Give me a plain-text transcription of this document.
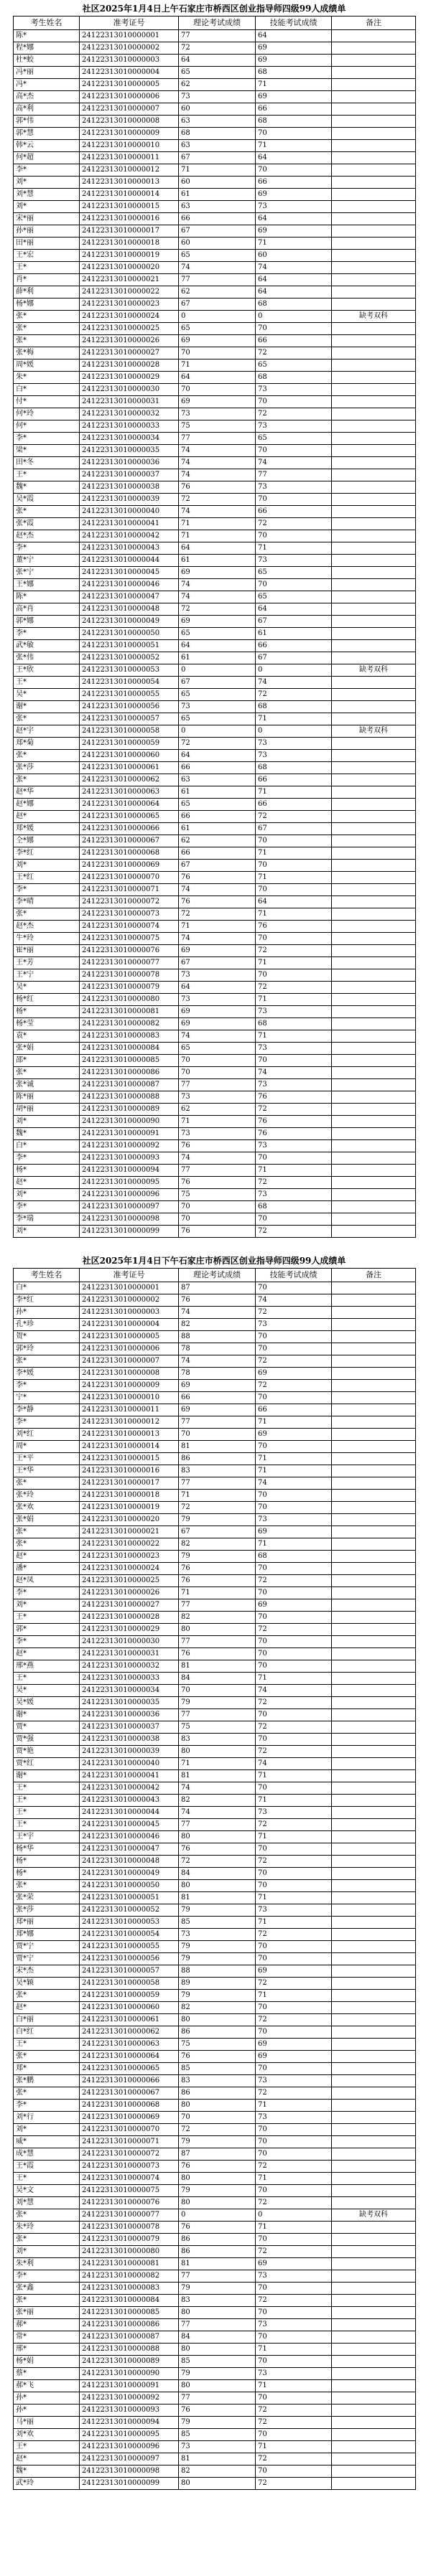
社区2025年1月4日上午石家庄市桥西区创业指导师四级99人成绩单
考生姓名	准考证号	理论考试成绩	技能考试成绩	备注
陈*	24122313010000001	77	64	
程*娜	24122313010000002	72	69	
杜*蛟	24122313010000003	64	69	
冯*丽	24122313010000004	65	68	
冯*	24122313010000005	62	71	
高*杰	24122313010000006	73	69	
高*利	24122313010000007	60	66	
郭*伟	24122313010000008	63	68	
郭*慧	24122313010000009	68	70	
韩*云	24122313010000010	63	71	
何*超	24122313010000011	67	64	
李*	24122313010000012	71	70	
刘*	24122313010000013	60	66	
刘*慧	24122313010000014	61	69	
刘*	24122313010000015	63	73	
宋*丽	24122313010000016	66	64	
孙*丽	24122313010000017	67	69	
田*丽	24122313010000018	60	71	
王*宏	24122313010000019	65	60	
王*	24122313010000020	74	74	
肖*	24122313010000021	77	64	
薛*利	24122313010000022	62	64	
杨*娜	24122313010000023	67	68	
张*	24122313010000024	0	0	缺考双科
张*	24122313010000025	65	70	
张*	24122313010000026	69	66	
张*梅	24122313010000027	70	72	
周*媛	24122313010000028	71	65	
朱*	24122313010000029	64	68	
白*	24122313010000030	70	73	
付*	24122313010000031	69	70	
何*玲	24122313010000032	73	72	
何*	24122313010000033	75	73	
李*	24122313010000034	77	65	
梁*	24122313010000035	74	70	
田*冬	24122313010000036	74	74	
王*	24122313010000037	74	77	
魏*	24122313010000038	76	73	
吴*霞	24122313010000039	72	70	
张*	24122313010000040	74	66	
张*霞	24122313010000041	71	72	
赵*杰	24122313010000042	71	70	
李*	24122313010000043	64	71	
董*宁	24122313010000044	61	73	
张*宁	24122313010000045	69	65	
王*娜	24122313010000046	74	70	
陈*	24122313010000047	74	65	
高*肖	24122313010000048	72	64	
郭*娜	24122313010000049	69	67	
李*	24122313010000050	65	61	
武*敏	24122313010000051	64	66	
张*伟	24122313010000052	61	67	
王*欣	24122313010000053	0	0	缺考双科
王*	24122313010000054	67	74	
吴*	24122313010000055	65	72	
谢*	24122313010000056	73	68	
张*	24122313010000057	65	71	
赵*宇	24122313010000058	0	0	缺考双科
郑*菊	24122313010000059	72	73	
张*	24122313010000060	64	73	
张*莎	24122313010000061	66	68	
张*	24122313010000062	63	66	
赵*华	24122313010000063	61	71	
赵*娜	24122313010000064	65	66	
赵*	24122313010000065	66	72	
郑*媛	24122313010000066	61	67	
仝*娜	24122313010000067	62	70	
李*红	24122313010000068	66	71	
刘*	24122313010000069	67	70	
王*红	24122313010000070	76	71	
李*	24122313010000071	74	70	
李*晴	24122313010000072	76	64	
张*	24122313010000073	72	71	
赵*杰	24122313010000074	71	76	
牛*玲	24122313010000075	74	70	
崔*丽	24122313010000076	69	72	
王*芳	24122313010000077	67	71	
王*宁	24122313010000078	73	70	
吴*	24122313010000079	64	72	
杨*红	24122313010000080	73	71	
杨*	24122313010000081	69	73	
杨*莹	24122313010000082	69	68	
袁*	24122313010000083	74	71	
张*娟	24122313010000084	65	73	
邵*	24122313010000085	70	70	
张*	24122313010000086	70	74	
张*诚	24122313010000087	77	73	
陈*丽	24122313010000088	73	76	
胡*丽	24122313010000089	62	72	
刘*	24122313010000090	71	76	
魏*	24122313010000091	73	76	
白*	24122313010000092	76	73	
李*	24122313010000093	74	70	
杨*	24122313010000094	77	71	
赵*	24122313010000095	76	72	
刘*	24122313010000096	75	73	
李*	24122313010000097	70	68	
李*瑞	24122313010000098	70	70	
刘*	24122313010000099	76	72	
社区2025年1月4日下午石家庄市桥西区创业指导师四级99人成绩单
考生姓名	准考证号	理论考试成绩	技能考试成绩	备注
白*	24122313010000001	87	70	
李*红	24122313010000002	76	74	
孙*	24122313010000003	74	72	
孔*珍	24122313010000004	82	73	
贺*	24122313010000005	88	70	
郭*玲	24122313010000006	78	70	
张*	24122313010000007	74	72	
李*媛	24122313010000008	78	69	
李*	24122313010000009	69	72	
宁*	24122313010000010	66	70	
李*静	24122313010000011	69	66	
李*	24122313010000012	77	71	
刘*红	24122313010000013	70	69	
周*	24122313010000014	81	70	
王*平	24122313010000015	86	71	
王*华	24122313010000016	83	71	
张*	24122313010000017	77	74	
张*玲	24122313010000018	71	70	
张*欢	24122313010000019	72	70	
张*娟	24122313010000020	79	73	
张*	24122313010000021	67	69	
张*	24122313010000022	82	71	
赵*	24122313010000023	79	68	
潘*	24122313010000024	76	70	
赵*凤	24122313010000025	76	72	
李*	24122313010000026	71	70	
刘*	24122313010000027	77	69	
王*	24122313010000028	82	70	
郭*	24122313010000029	80	72	
李*	24122313010000030	77	70	
赵*	24122313010000031	76	70	
邢*燕	24122313010000032	81	70	
王*	24122313010000033	84	71	
吴*	24122313010000034	70	74	
吴*媛	24122313010000035	79	72	
谢*	24122313010000036	77	70	
贾*	24122313010000037	75	72	
贾*强	24122313010000038	83	70	
贾*艳	24122313010000039	80	72	
贾*红	24122313010000040	71	74	
谢*	24122313010000041	81	71	
王*	24122313010000042	74	70	
王*	24122313010000043	82	71	
王*	24122313010000044	74	73	
王*	24122313010000045	77	72	
王*宇	24122313010000046	80	71	
杨*华	24122313010000047	76	70	
杨*	24122313010000048	72	72	
杨*	24122313010000049	84	70	
张*	24122313010000050	80	70	
张*荣	24122313010000051	81	71	
张*莎	24122313010000052	79	73	
郑*丽	24122313010000053	85	71	
郑*娜	24122313010000054	73	72	
贾*宁	24122313010000055	79	70	
贾*宁	24122313010000056	79	70	
宋*杰	24122313010000057	88	69	
吴*颖	24122313010000058	89	72	
张*	24122313010000059	79	71	
赵*	24122313010000060	82	70	
白*丽	24122313010000061	80	72	
白*红	24122313010000062	86	70	
王*	24122313010000063	75	69	
张*	24122313010000064	76	69	
郑*	24122313010000065	85	70	
张*鹏	24122313010000066	83	73	
张*	24122313010000067	86	72	
李*	24122313010000068	80	71	
刘*行	24122313010000069	70	73	
刘*	24122313010000070	72	70	
威*	24122313010000071	79	70	
成*慧	24122313010000072	87	70	
王*霞	24122313010000073	76	72	
王*	24122313010000074	80	71	
吴*文	24122313010000075	79	70	
刘*慧	24122313010000076	80	72	
张*	24122313010000077	0	0	缺考双科
朱*玲	24122313010000078	76	71	
张*	24122313010000079	86	70	
刘*	24122313010000080	86	72	
朱*利	24122313010000081	81	69	
李*	24122313010000082	77	73	
张*鑫	24122313010000083	79	70	
张*	24122313010000084	83	72	
张*丽	24122313010000085	80	70	
郝*	24122313010000086	77	73	
常*	24122313010000087	84	70	
邢*	24122313010000088	80	71	
杨*娟	24122313010000089	85	70	
蔡*	24122313010000090	79	73	
郝*飞	24122313010000091	80	71	
孙*	24122313010000092	77	70	
孙*	24122313010000093	76	72	
马*丽	24122313010000094	79	72	
刘*欢	24122313010000095	85	70	
王*	24122313010000096	73	71	
赵*	24122313010000097	81	72	
魏*	24122313010000098	82	70	
武*玲	24122313010000099	80	72	
